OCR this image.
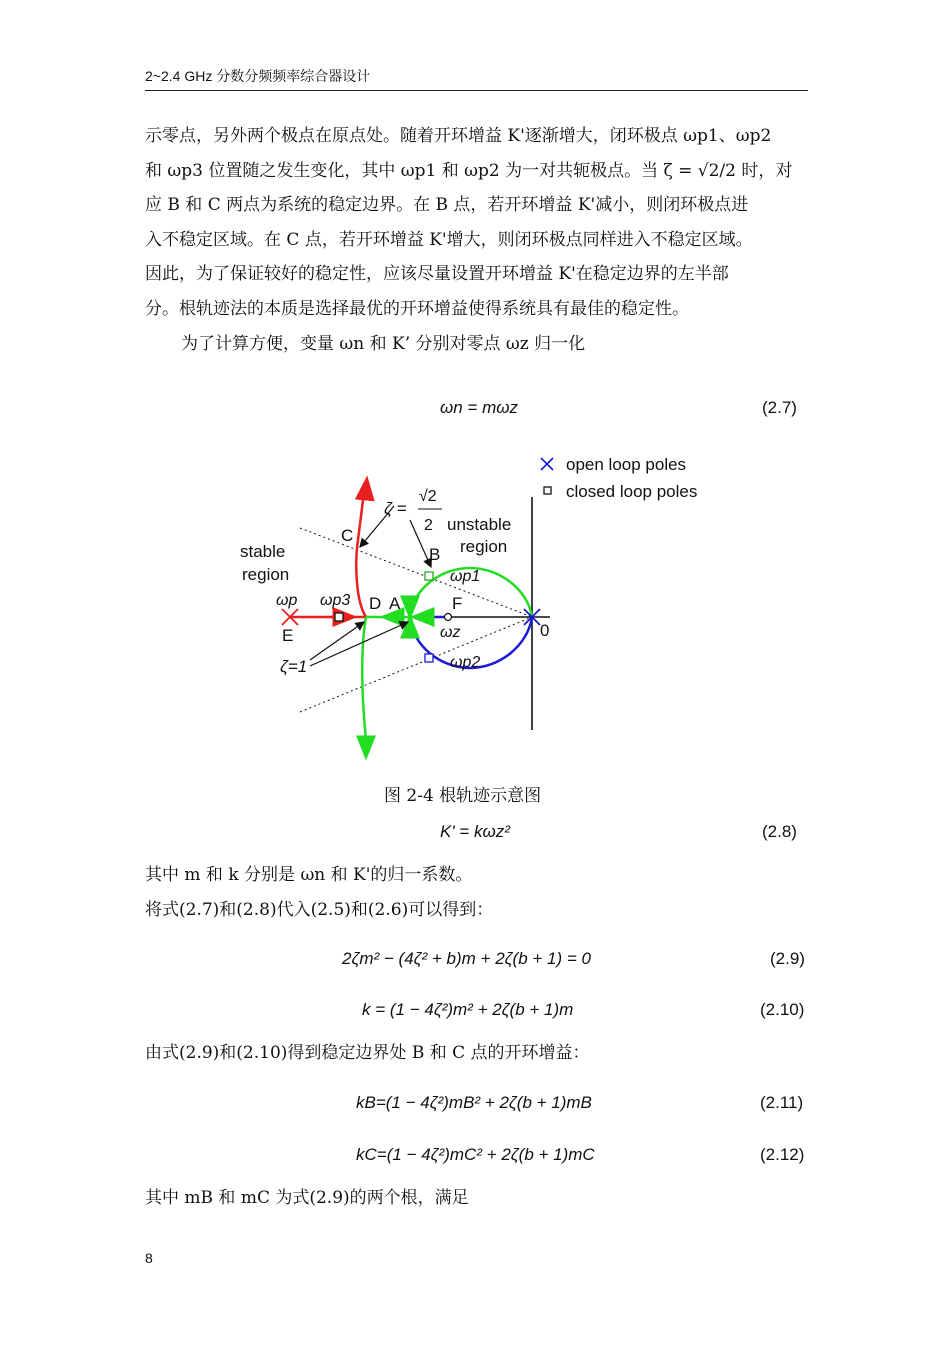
2~2.4 GHz 分数分频频率综合器设计

示零点，另外两个极点在原点处。随着开环增益 K'逐渐增大，闭环极点 ωp1、ωp2

和 ωp3 位置随之发生变化，其中 ωp1 和 ωp2 为一对共轭极点。当 ζ = √2/2 时，对

应 B 和 C 两点为系统的稳定边界。在 B 点，若开环增益 K'减小，则闭环极点进

入不稳定区域。在 C 点，若开环增益 K'增大，则闭环极点同样进入不稳定区域。

因此，为了保证较好的稳定性，应该尽量设置开环增益 K'在稳定边界的左半部

分。根轨迹法的本质是选择最优的开环增益使得系统具有最佳的稳定性。

为了计算方便，变量 ωn 和 K’ 分别对零点 ωz 归一化

ωn = mωz	(2.7)
open loop poles
closed loop poles
ζ =
√2
2 unstable
region
stable
region
C
B
D A	F
E	0
ωp ωp3
ωp1
ωp2
ωz
ζ=1
图 2-4 根轨迹示意图
K' = kωz²	(2.8)
其中 m 和 k 分别是 ωn 和 K'的归一系数。
将式(2.7)和(2.8)代入(2.5)和(2.6)可以得到：
2ζm² − (4ζ² + b)m + 2ζ(b + 1) = 0	(2.9)
k = (1 − 4ζ²)m² + 2ζ(b + 1)m	(2.10)
由式(2.9)和(2.10)得到稳定边界处 B 和 C 点的开环增益：
kB=(1 − 4ζ²)mB² + 2ζ(b + 1)mB	(2.11)
kC=(1 − 4ζ²)mC² + 2ζ(b + 1)mC	(2.12)
其中 mB 和 mC 为式(2.9)的两个根，满足
8
